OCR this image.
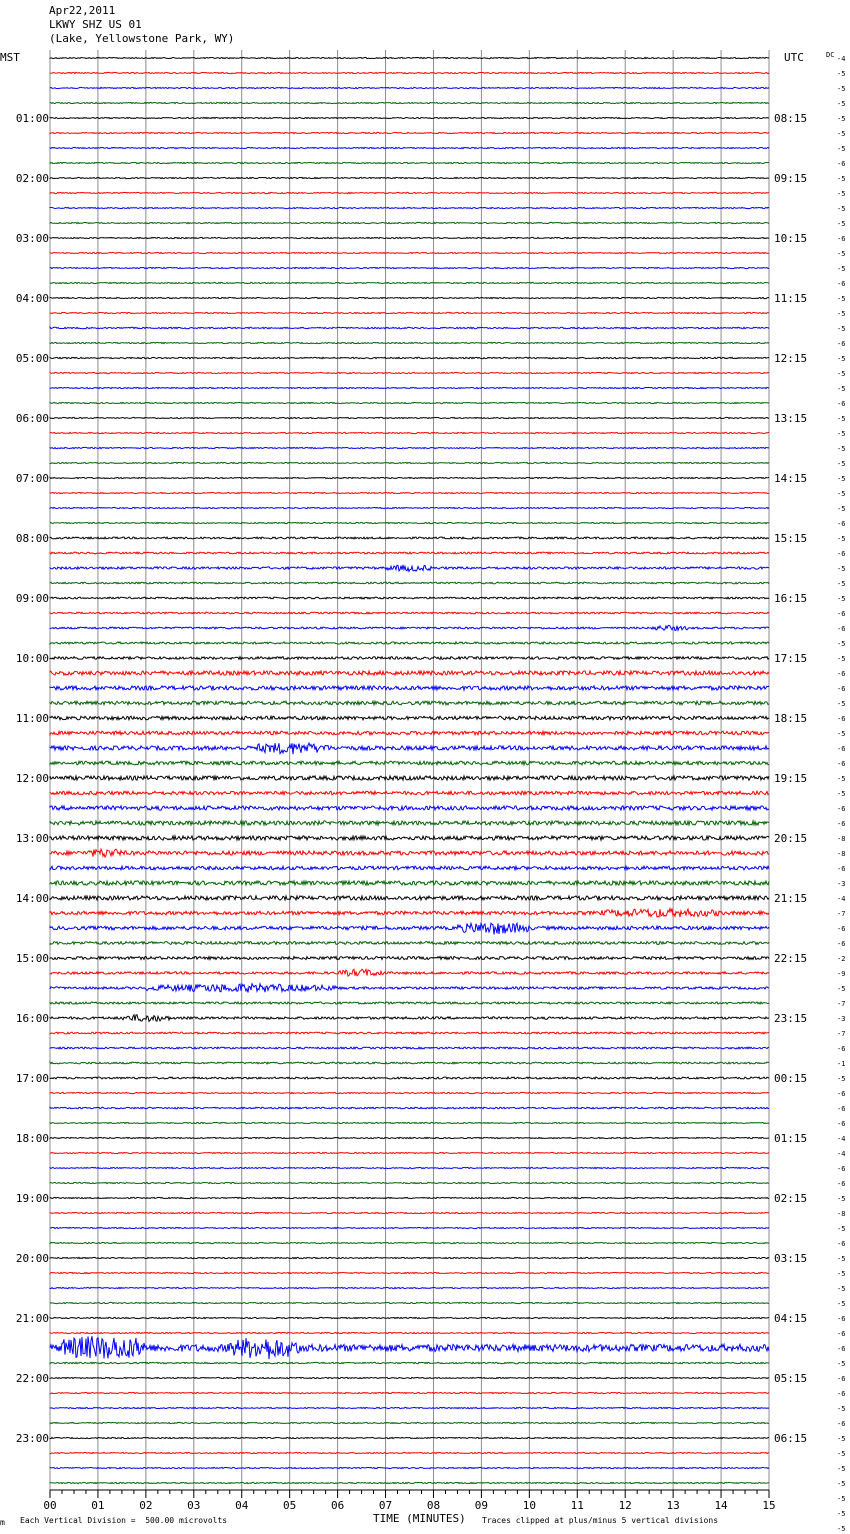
Apr22,2011
LKWY SHZ US 01
(Lake, Yellowstone Park, WY)
MST	UTC	DC
01:00
02:00
03:00
04:00
05:00
06:00
07:00
08:00
09:00
10:00
11:00
12:00
13:00
14:00
15:00
16:00
17:00
18:00
19:00
20:00
21:00
22:00
23:00
08:15
09:15
10:15
11:15
12:15
13:15
14:15
15:15
16:15
17:15
18:15
19:15
20:15
21:15
22:15
23:15
00:15
01:15
02:15
03:15
04:15
05:15
06:15
-4
-5
-5
-5
-5
-5
-5
-6
-5
-5
-5
-5
-6
-5
-5
-6
-5
-5
-5
-6
-5
-5
-5
-6
-5
-5
-5
-5
-5
-5
-5
-6
-5
-6
-5
-5
-5
-6
-6
-5
-5
-6
-6
-5
-6
-5
-6
-6
-5
-5
-6
-6
-8
-8
-6
-3
-4
-7
-6
-6
-2
-9
-5
-7
-3
-7
-6
-1
-5
-6
-6
-6
-4
-4
-6
-6
-5
-8
-5
-6
-5
-5
-5
-5
-6
-6
-6
-5
-6
-6
-5
-6
-5
-5
-5
-5
-5
-5
-5
00	01	02	03	04	05	06	07	08	09	10	11	12	13	14	15
m Each Vertical Division =  500.00 microvolts	TIME (MINUTES) Traces clipped at plus/minus 5 vertical divisions
